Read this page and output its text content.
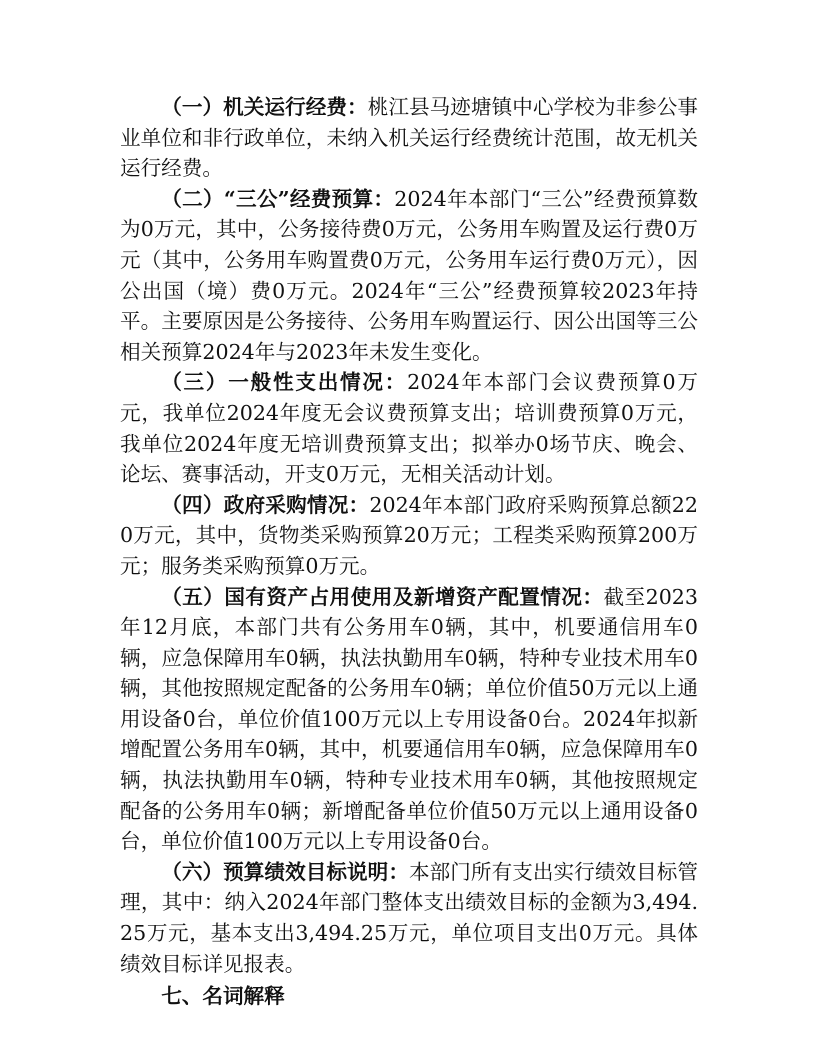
（一）机关运行经费：桃江县马迹塘镇中心学校为非参公事业单位和非行政单位，未纳入机关运行经费统计范围，故无机关运行经费。

（二）“三公”经费预算：2024年本部门“三公”经费预算数为0万元，其中，公务接待费0万元，公务用车购置及运行费0万元（其中，公务用车购置费0万元，公务用车运行费0万元），因公出国（境）费0万元。2024年“三公”经费预算较2023年持平。主要原因是公务接待、公务用车购置运行、因公出国等三公相关预算2024年与2023年未发生变化。

（三）一般性支出情况：2024年本部门会议费预算0万元，我单位2024年度无会议费预算支出；培训费预算0万元，我单位2024年度无培训费预算支出；拟举办0场节庆、晚会、论坛、赛事活动，开支0万元，无相关活动计划。

（四）政府采购情况：2024年本部门政府采购预算总额220万元，其中，货物类采购预算20万元；工程类采购预算200万元；服务类采购预算0万元。

（五）国有资产占用使用及新增资产配置情况：截至2023年12月底，本部门共有公务用车0辆，其中，机要通信用车0辆，应急保障用车0辆，执法执勤用车0辆，特种专业技术用车0辆，其他按照规定配备的公务用车0辆；单位价值50万元以上通用设备0台，单位价值100万元以上专用设备0台。2024年拟新增配置公务用车0辆，其中，机要通信用车0辆，应急保障用车0辆，执法执勤用车0辆，特种专业技术用车0辆，其他按照规定配备的公务用车0辆；新增配备单位价值50万元以上通用设备0台，单位价值100万元以上专用设备0台。

（六）预算绩效目标说明：本部门所有支出实行绩效目标管理，其中：纳入2024年部门整体支出绩效目标的金额为3,494.25万元，基本支出3,494.25万元，单位项目支出0万元。具体绩效目标详见报表。

七、名词解释
